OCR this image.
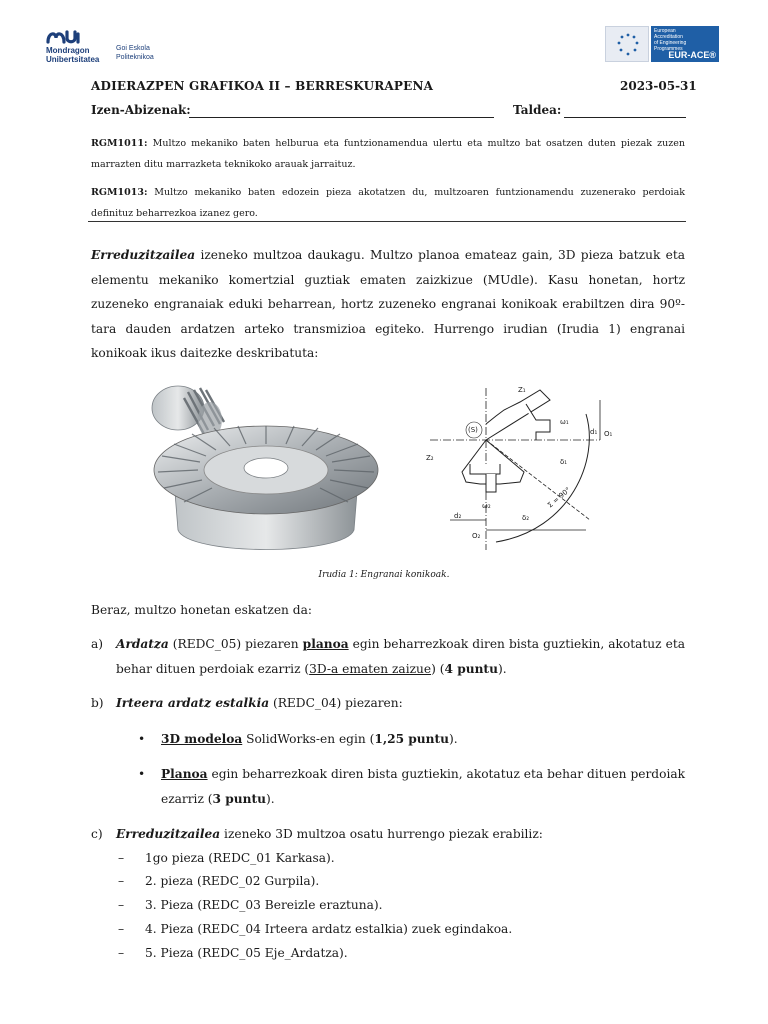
Mondragon
Unibertsitatea
Goi Eskola
Politeknikoa
European
Accreditation
of Engineering
Programmes
EUR-ACE®
ADIERAZPEN GRAFIKOA II – BERRESKURAPENA	2023-05-31
Izen-Abizenak:	Taldea:
RGM1011: Multzo mekaniko baten helburua eta funtzionamendua ulertu eta multzo bat osatzen duten piezak zuzen marrazten ditu marrazketa teknikoko arauak jarraituz.
RGM1013: Multzo mekaniko baten edozein pieza akotatzen du, multzoaren funtzionamendu zuzenerako perdoiak definituz beharrezkoa izanez gero.
Erreduzitzailea izeneko multzoa daukagu. Multzo planoa emateaz gain, 3D pieza batzuk eta elementu mekaniko komertzial guztiak ematen zaizkizue (MUdle). Kasu honetan, hortz zuzeneko engranaiak eduki beharrean, hortz zuzeneko engranai konikoak erabiltzen dira 90º-tara dauden ardatzen arteko transmizioa egiteko. Hurrengo irudian (Irudia 1) engranai konikoak ikus daitezke deskribatuta:
Z₁
Z₂
(S)
ω₁
ω₂
d₁
d₂
δ₁
δ₂
O₁
O₂
Σ = 90°
Irudia 1: Engranai konikoak.
Beraz, multzo honetan eskatzen da:
a) Ardatza (REDC_05) piezaren planoa egin beharrezkoak diren bista guztiekin, akotatuz eta behar dituen perdoiak ezarriz (3D-a ematen zaizue) (4 puntu).
b) Irteera ardatz estalkia (REDC_04) piezaren:
• 3D modeloa SolidWorks-en egin (1,25 puntu).
• Planoa egin beharrezkoak diren bista guztiekin, akotatuz eta behar dituen perdoiak ezarriz (3 puntu).
c) Erreduzitzailea izeneko 3D multzoa osatu hurrengo piezak erabiliz:
– 1go pieza (REDC_01 Karkasa).
– 2. pieza (REDC_02 Gurpila).
– 3. Pieza (REDC_03 Bereizle eraztuna).
– 4. Pieza (REDC_04 Irteera ardatz estalkia) zuek egindakoa.
– 5. Pieza (REDC_05 Eje_Ardatza).
